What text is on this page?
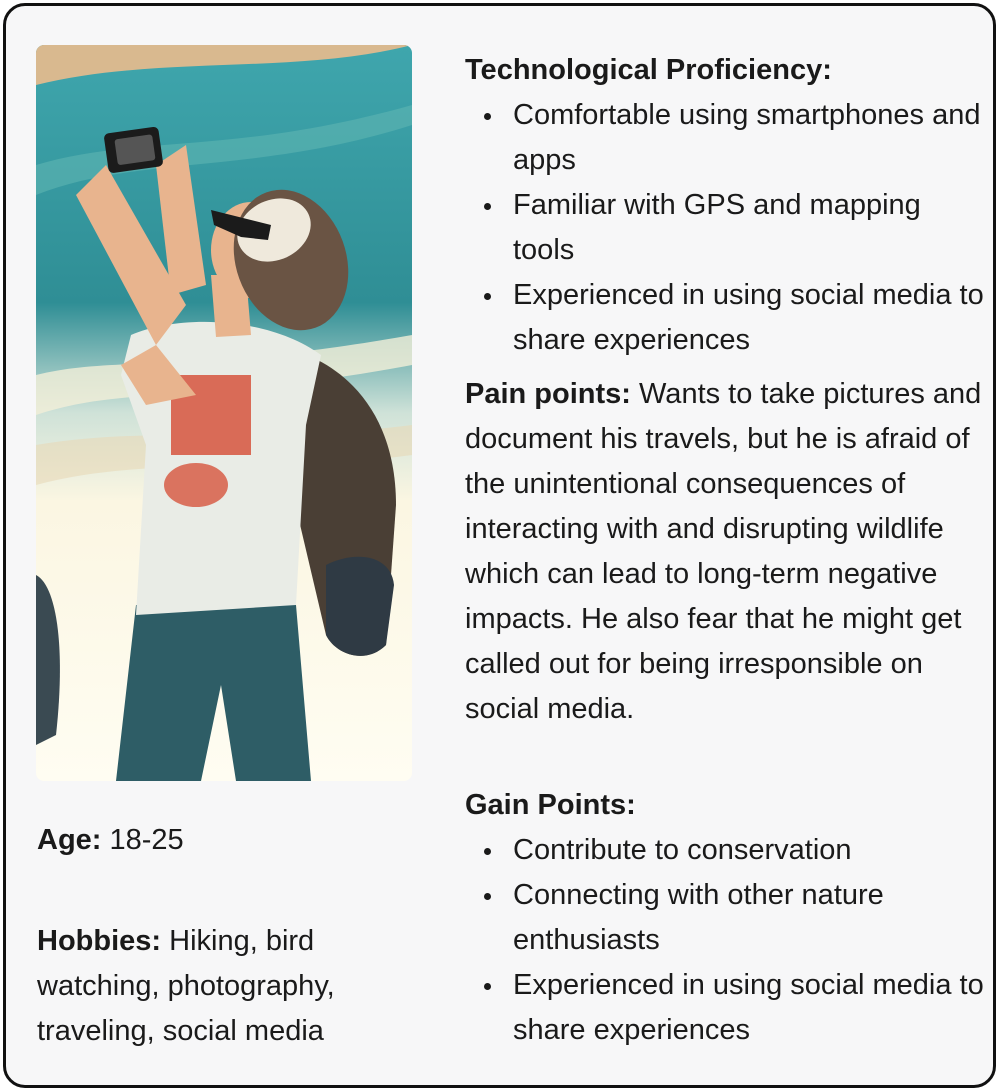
Age: 18-25
Hobbies: Hiking, bird watching, photography, traveling, social media
Technological Proficiency:
Comfortable using smartphones and apps
Familiar with GPS and mapping tools
Experienced in using social media to share experiences
Pain points: Wants to take pictures and document his travels, but he is afraid of the unintentional consequences of interacting with and disrupting wildlife which can lead to long-term negative impacts. He also fear that he might get called out for being irresponsible on social media.
Gain Points:
Contribute to conservation
Connecting with other nature enthusiasts
Experienced in using social media to share experiences
